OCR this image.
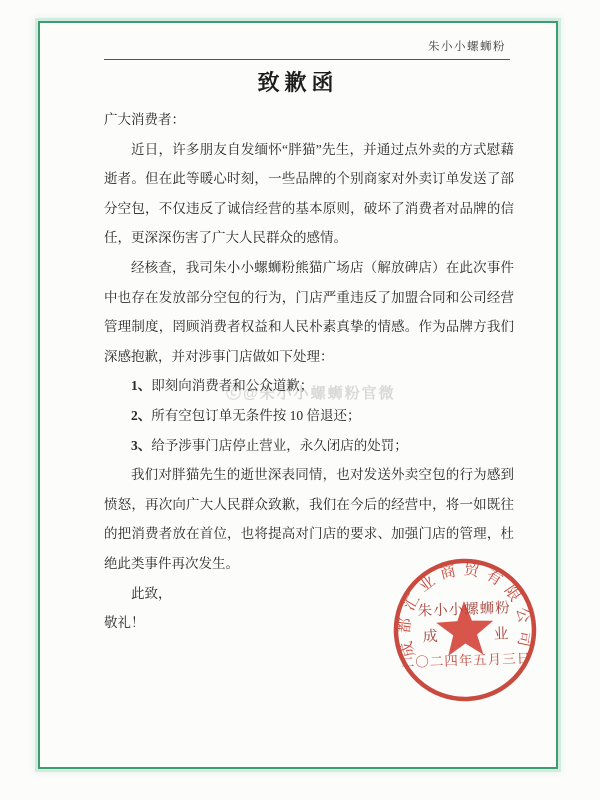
朱小小螺蛳粉
致歉函

广大消费者：

近日，许多朋友自发缅怀“胖猫”先生，并通过点外卖的方式慰藉逝者。但在此等暖心时刻，一些品牌的个别商家对外卖订单发送了部分空包，不仅违反了诚信经营的基本原则，破坏了消费者对品牌的信任，更深深伤害了广大人民群众的感情。

经核查，我司朱小小螺蛳粉熊猫广场店（解放碑店）在此次事件中也存在发放部分空包的行为，门店严重违反了加盟合同和公司经营管理制度，罔顾消费者权益和人民朴素真挚的情感。作为品牌方我们深感抱歉，并对涉事门店做如下处理：

1、即刻向消费者和公众道歉；

2、所有空包订单无条件按 10 倍退还；

3、给予涉事门店停止营业，永久闭店的处罚；

我们对胖猫先生的逝世深表同情，也对发送外卖空包的行为感到愤怒，再次向广大人民群众致歉，我们在今后的经营中，将一如既往的把消费者放在首位，也将提高对门店的要求、加强门店的管理，杜绝此类事件再次发生。

此致，

敬礼！

ⓒ@朱小小螺蛳粉官微
成都汇业商贸有限公司
朱小小螺蛳粉
成	业
二〇二四年五月三日
